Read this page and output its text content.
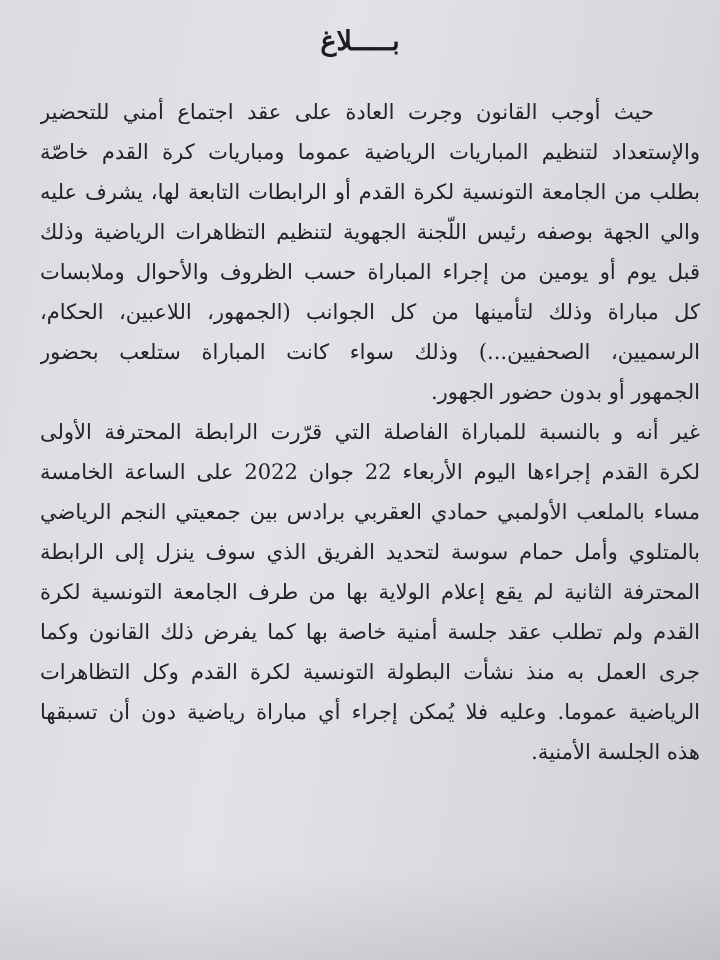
بـــــلاغ
حيث أوجب القانون وجرت العادة على عقد اجتماع أمني للتحضير
والإستعداد لتنظيم المباريات الرياضية عموما ومباريات كرة القدم خاصّة
بطلب من الجامعة التونسية لكرة القدم أو الرابطات التابعة لها، يشرف عليه
والي الجهة بوصفه رئيس اللّجنة الجهوية لتنظيم التظاهرات الرياضية وذلك
قبل يوم أو يومين من إجراء المباراة حسب الظروف والأحوال وملابسات
كل مباراة وذلك لتأمينها من كل الجوانب (الجمهور، اللاعبين، الحكام،
الرسميين، الصحفيين...) وذلك سواء كانت المباراة ستلعب بحضور
الجمهور أو بدون حضور الجهور.
غير أنه و بالنسبة للمباراة الفاصلة التي قرّرت الرابطة المحترفة الأولى
لكرة القدم إجراءها اليوم الأربعاء 22 جوان 2022 على الساعة الخامسة
مساء بالملعب الأولمبي حمادي العقربي برادس بين جمعيتي النجم الرياضي
بالمتلوي وأمل حمام سوسة لتحديد الفريق الذي سوف ينزل إلى الرابطة
المحترفة الثانية لم يقع إعلام الولاية بها من طرف الجامعة التونسية لكرة
القدم ولم تطلب عقد جلسة أمنية خاصة بها كما يفرض ذلك القانون وكما
جرى العمل به منذ نشأت البطولة التونسية لكرة القدم وكل التظاهرات
الرياضية عموما. وعليه فلا يُمكن إجراء أي مباراة رياضية دون أن تسبقها
هذه الجلسة الأمنية.
